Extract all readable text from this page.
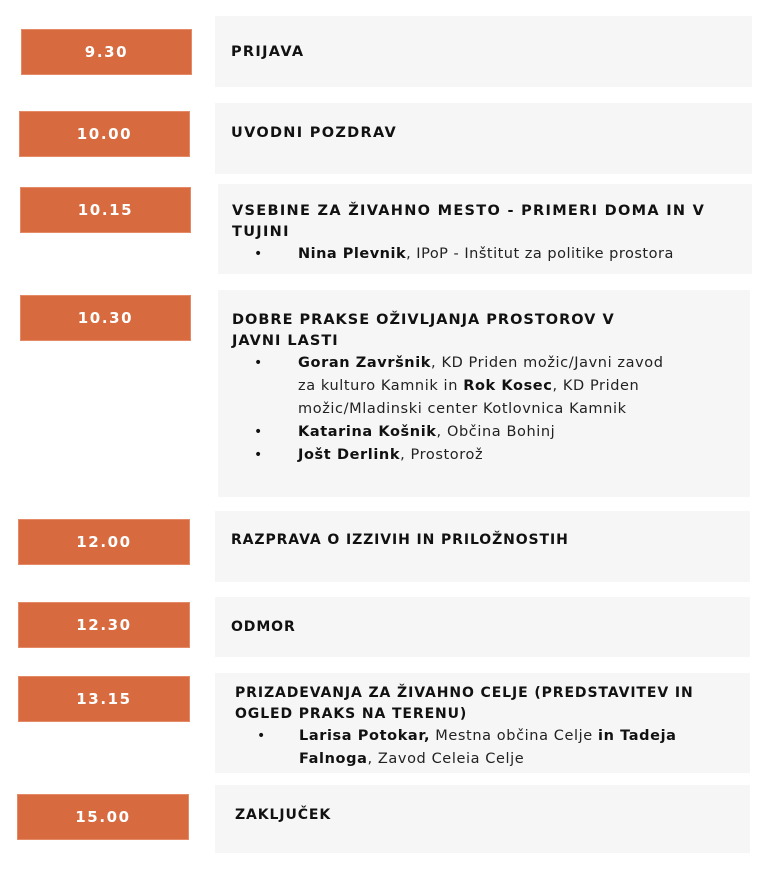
9.30	PRIJAVA

10.00	UVODNI POZDRAV

10.15	VSEBINE ZA ŽIVAHNO MESTO - PRIMERI DOMA IN V
TUJINI

• Nina Plevnik, IPoP - Inštitut za politike prostora
10.30	DOBRE PRAKSE OŽIVLJANJA PROSTOROV V
JAVNI LASTI

• Goran Završnik, KD Priden možic/Javni zavod za kulturo Kamnik in Rok Kosec, KD Priden možic/Mladinski center Kotlovnica Kamnik
• Katarina Košnik, Občina Bohinj
• Jošt Derlink, Prostorož
12.00	RAZPRAVA O IZZIVIH IN PRILOŽNOSTIH

12.30	ODMOR

13.15	PRIZADEVANJA ZA ŽIVAHNO CELJE (PREDSTAVITEV IN
OGLED PRAKS NA TERENU)

• Larisa Potokar, Mestna občina Celje in Tadeja Falnoga, Zavod Celeia Celje
15.00	ZAKLJUČEK
